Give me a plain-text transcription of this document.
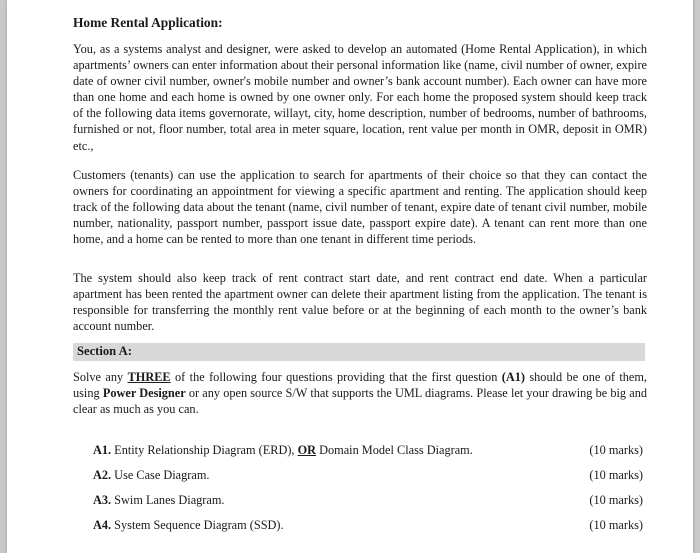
Home Rental Application:

You, as a systems analyst and designer, were asked to develop an automated (Home Rental Application), in which apartments’ owners can enter information about their personal information like (name, civil number of owner, expire date of owner civil number, owner's mobile number and owner’s bank account number). Each owner can have more than one home and each home is owned by one owner only. For each home the proposed system should keep track of the following data items governorate, willayt, city, home description, number of bedrooms, number of bathrooms, furnished or not, floor number, total area in meter square, location, rent value per month in OMR, deposit in OMR) etc.,

Customers (tenants) can use the application to search for apartments of their choice so that they can contact the owners for coordinating an appointment for viewing a specific apartment and renting. The application should keep track of the following data about the tenant (name, civil number of tenant, expire date of tenant civil number, mobile number, nationality, passport number, passport issue date, passport expire date). A tenant can rent more than one home, and a home can be rented to more than one tenant in different time periods.

The system should also keep track of rent contract start date, and rent contract end date. When a particular apartment has been rented the apartment owner can delete their apartment listing from the application. The tenant is responsible for transferring the monthly rent value before or at the beginning of each month to the owner’s bank account number.

Section A:

Solve any THREE of the following four questions providing that the first question (A1) should be one of them, using Power Designer or any open source S/W that supports the UML diagrams. Please let your drawing be big and clear as much as you can.

A1. Entity Relationship Diagram (ERD), OR Domain Model Class Diagram.	(10 marks)
A2. Use Case Diagram.	(10 marks)
A3. Swim Lanes Diagram.	(10 marks)
A4. System Sequence Diagram (SSD).	(10 marks)
